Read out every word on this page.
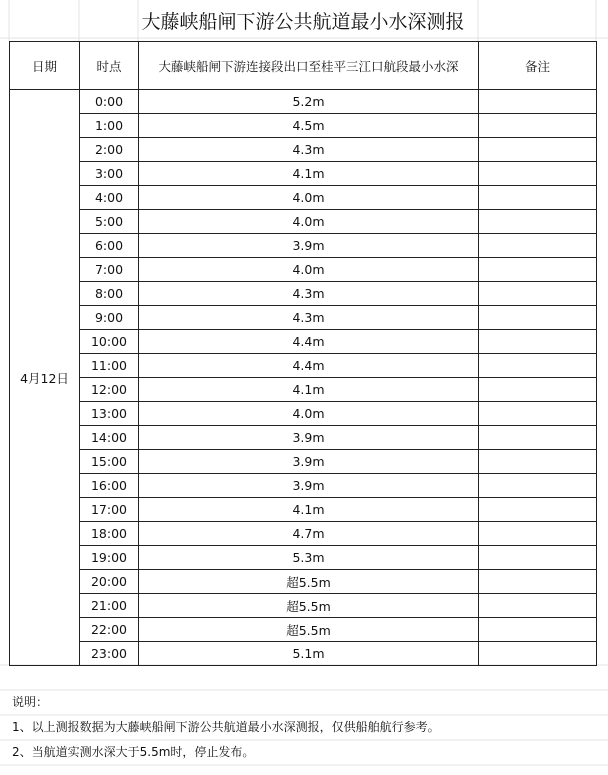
大藤峡船闸下游公共航道最小水深测报
日期	时点	大藤峡船闸下游连接段出口至桂平三江口航段最小水深	备注
4月12日	0:00	5.2m	
	1:00	4.5m	
	2:00	4.3m	
	3:00	4.1m	
	4:00	4.0m	
	5:00	4.0m	
	6:00	3.9m	
	7:00	4.0m	
	8:00	4.3m	
	9:00	4.3m	
	10:00	4.4m	
	11:00	4.4m	
	12:00	4.1m	
	13:00	4.0m	
	14:00	3.9m	
	15:00	3.9m	
	16:00	3.9m	
	17:00	4.1m	
	18:00	4.7m	
	19:00	5.3m	
	20:00	超5.5m	
	21:00	超5.5m	
	22:00	超5.5m	
	23:00	5.1m	
说明：
1、以上测报数据为大藤峡船闸下游公共航道最小水深测报，仅供船舶航行参考。
2、当航道实测水深大于5.5m时，停止发布。
